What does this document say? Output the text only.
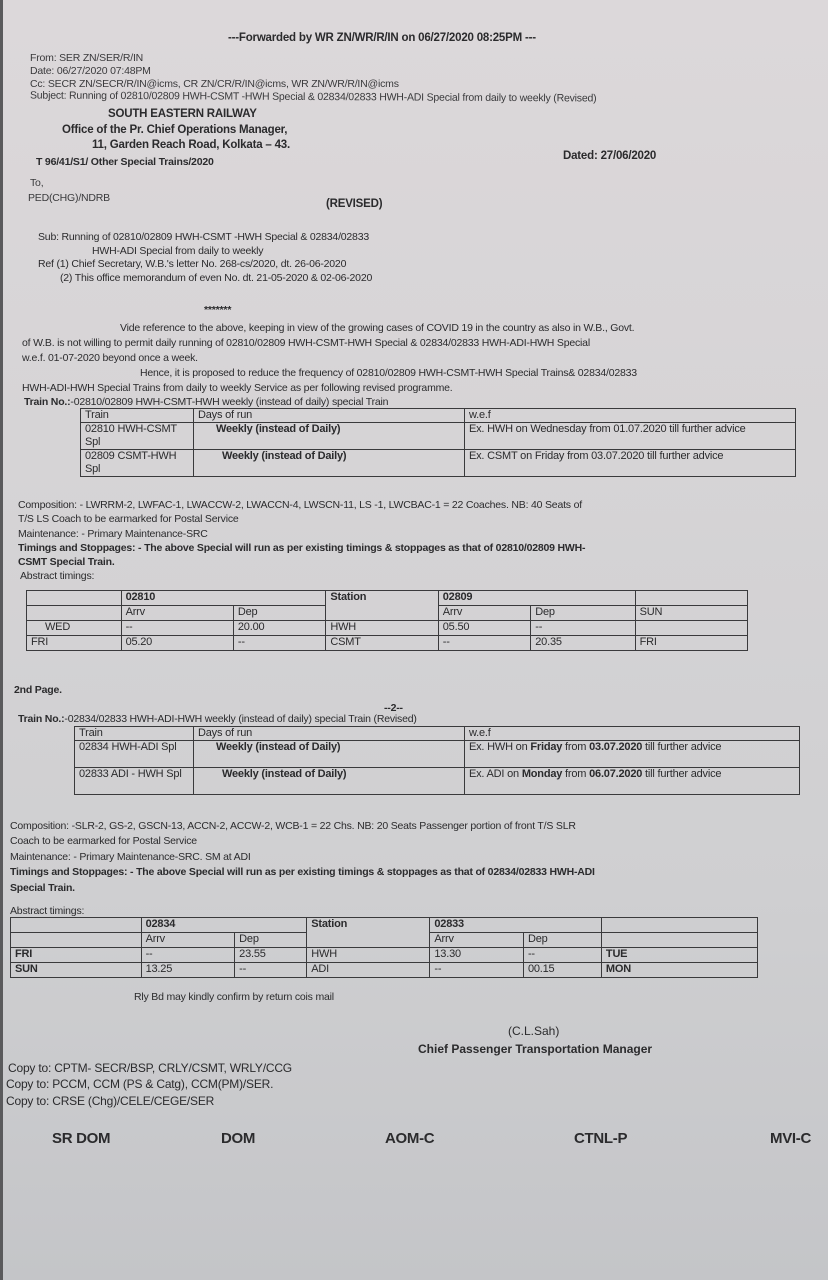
---Forwarded by WR ZN/WR/R/IN on 06/27/2020 08:25PM ---
From: SER ZN/SER/R/IN
Date: 06/27/2020 07:48PM
Cc: SECR ZN/SECR/R/IN@icms, CR ZN/CR/R/IN@icms, WR ZN/WR/R/IN@icms
Subject: Running of 02810/02809 HWH-CSMT -HWH Special & 02834/02833 HWH-ADI Special from daily to weekly (Revised)
SOUTH EASTERN RAILWAY
Office of the Pr. Chief Operations Manager,
11, Garden Reach Road, Kolkata – 43.
T 96/41/S1/ Other Special Trains/2020	Dated: 27/06/2020
To,
PED(CHG)/NDRB	(REVISED)
Sub: Running of 02810/02809 HWH-CSMT -HWH Special & 02834/02833
HWH-ADI Special from daily to weekly
Ref (1) Chief Secretary, W.B.'s letter No. 268-cs/2020, dt. 26-06-2020
(2) This office memorandum of even No. dt. 21-05-2020 & 02-06-2020
*******
Vide reference to the above, keeping in view of the growing cases of COVID 19 in the country as also in W.B., Govt.
of W.B. is not willing to permit daily running of 02810/02809 HWH-CSMT-HWH Special & 02834/02833 HWH-ADI-HWH Special
w.e.f. 01-07-2020 beyond once a week.
Hence, it is proposed to reduce the frequency of 02810/02809 HWH-CSMT-HWH Special Trains& 02834/02833
HWH-ADI-HWH Special Trains from daily to weekly Service as per following revised programme.
Train No.:-02810/02809 HWH-CSMT-HWH weekly (instead of daily) special Train
Train	Days of run	w.e.f
02810 HWH-CSMT Spl	Weekly (instead of Daily)	Ex. HWH on Wednesday from 01.07.2020 till further advice
02809 CSMT-HWH Spl	Weekly (instead of Daily)	Ex. CSMT on Friday from 03.07.2020 till further advice
Composition: - LWRRM-2, LWFAC-1, LWACCW-2, LWACCN-4, LWSCN-11, LS -1, LWCBAC-1 = 22 Coaches. NB: 40 Seats of
T/S LS Coach to be earmarked for Postal Service
Maintenance: - Primary Maintenance-SRC
Timings and Stoppages: - The above Special will run as per existing timings & stoppages as that of 02810/02809 HWH-
CSMT Special Train.
Abstract timings:
	02810		Station	02809		
	Arrv	Dep		Arrv	Dep	SUN
WED	--	20.00	HWH	05.50	--	
FRI	05.20	--	CSMT	--	20.35	FRI
2nd Page.
--2--
Train No.:-02834/02833 HWH-ADI-HWH weekly (instead of daily) special Train (Revised)
Train	Days of run	w.e.f
02834 HWH-ADI Spl	Weekly (instead of Daily)	Ex. HWH on Friday from 03.07.2020 till further advice
02833 ADI - HWH Spl	Weekly (instead of Daily)	Ex. ADI on Monday from 06.07.2020 till further advice
Composition: -SLR-2, GS-2, GSCN-13, ACCN-2, ACCW-2, WCB-1 = 22 Chs. NB: 20 Seats Passenger portion of front T/S SLR
Coach to be earmarked for Postal Service
Maintenance: - Primary Maintenance-SRC. SM at ADI
Timings and Stoppages: - The above Special will run as per existing timings & stoppages as that of 02834/02833 HWH-ADI
Special Train.
Abstract timings:
	02834		Station	02833		
	Arrv	Dep		Arrv	Dep	
FRI	--	23.55	HWH	13.30	--	TUE
SUN	13.25	--	ADI	--	00.15	MON
Rly Bd may kindly confirm by return cois mail
(C.L.Sah)
Chief Passenger Transportation Manager
Copy to: CPTM- SECR/BSP, CRLY/CSMT, WRLY/CCG
Copy to: PCCM, CCM (PS & Catg), CCM(PM)/SER.
Copy to: CRSE (Chg)/CELE/CEGE/SER
SR DOM	DOM	AOM-C	CTNL-P	MVI-C
